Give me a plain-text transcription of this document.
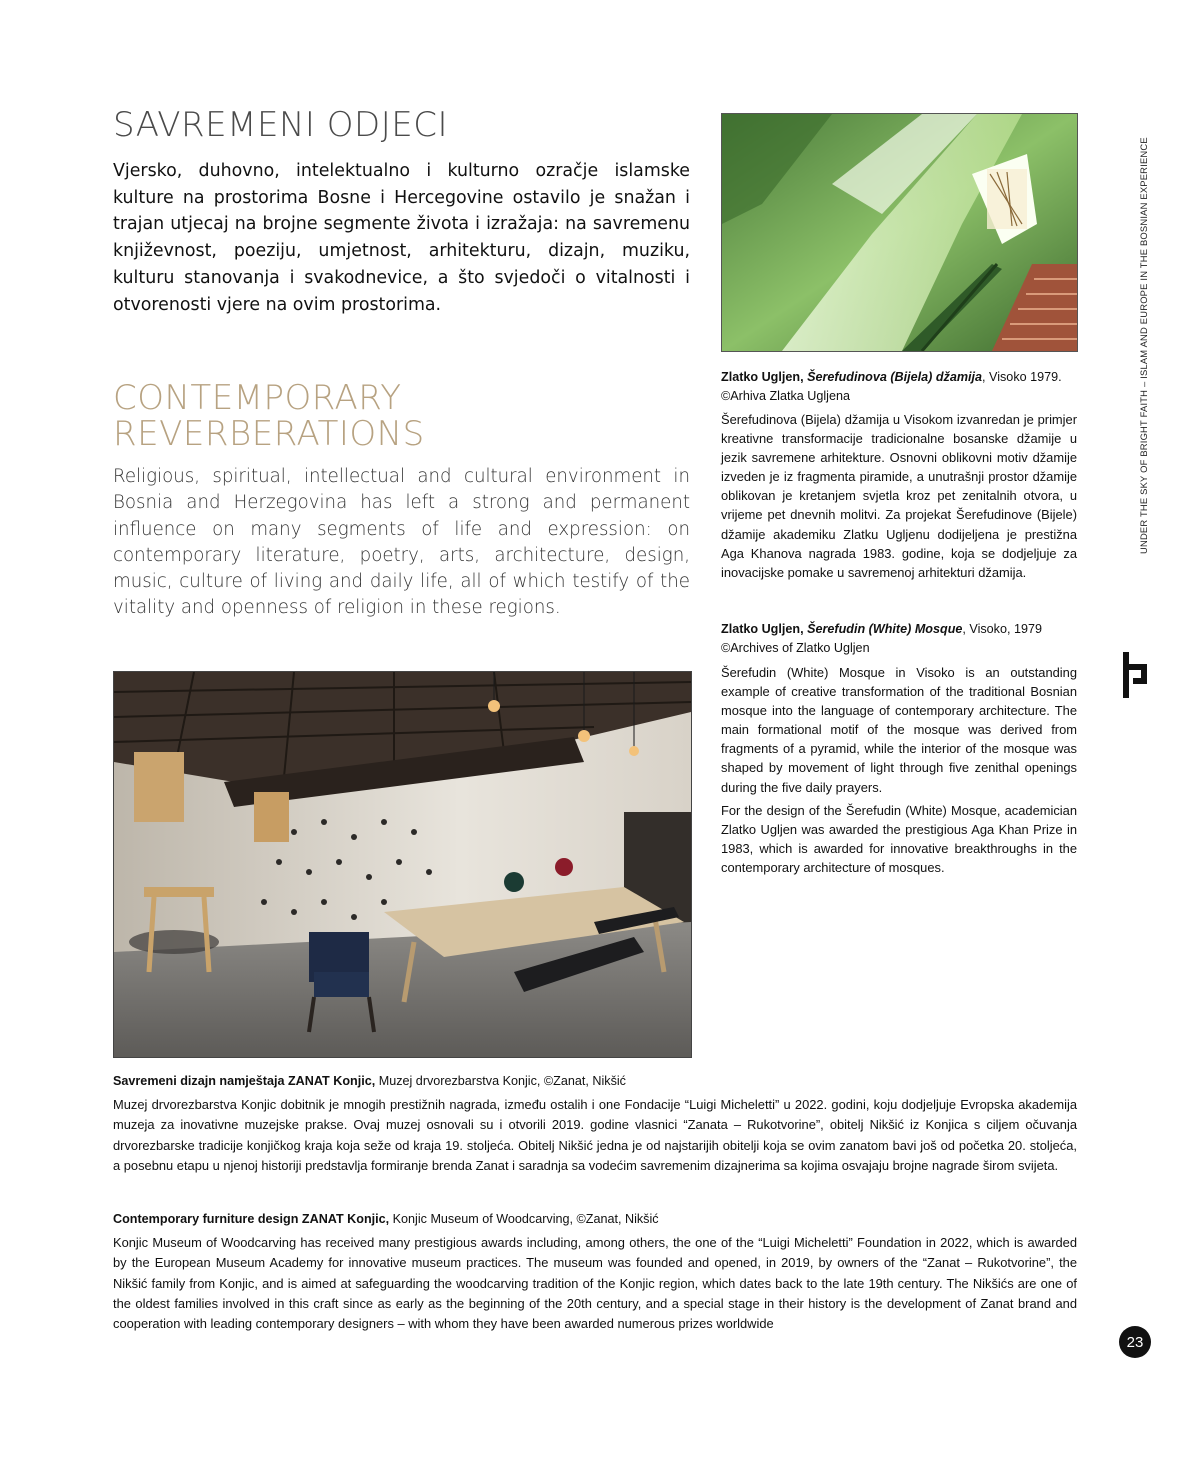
SAVREMENI ODJECI

Vjersko, duhovno, intelektualno i kulturno ozračje islamske kulture na prostorima Bosne i Hercegovine ostavilo je snažan i trajan utjecaj na brojne segmente života i izražaja: na savremenu književnost, poeziju, umjetnost, arhitekturu, dizajn, muziku, kulturu stanovanja i svakodnevice, a što svjedoči o vitalnosti i otvorenosti vjere na ovim prostorima.

CONTEMPORARY REVERBERATIONS

Religious, spiritual, intellectual and cultural environment in Bosnia and Herzegovina has left a strong and permanent influence on many segments of life and expression: on contemporary literature, poetry, arts, architecture, design, music, culture of living and daily life, all of which testify of the vitality and openness of religion in these regions.

Zlatko Ugljen, Šerefudinova (Bijela) džamija, Visoko 1979. ©Arhiva Zlatka Ugljena

Šerefudinova (Bijela) džamija u Visokom izvanredan je primjer kreativne transformacije tradicionalne bosanske džamije u jezik savremene arhitekture. Osnovni oblikovni motiv džamije izveden je iz fragmenta piramide, a unutrašnji prostor džamije oblikovan je kretanjem svjetla kroz pet zenitalnih otvora, u vrijeme pet dnevnih molitvi. Za projekat Šerefudinove (Bijele) džamije akademiku Zlatku Ugljenu dodijeljena je prestižna Aga Khanova nagrada 1983. godine, koja se dodjeljuje za inovacijske pomake u savremenoj arhitekturi džamija.

Zlatko Ugljen, Šerefudin (White) Mosque, Visoko, 1979 ©Archives of Zlatko Ugljen

Šerefudin (White) Mosque in Visoko is an outstanding example of creative transformation of the traditional Bosnian mosque into the language of contemporary architecture. The main formational motif of the mosque was derived from fragments of a pyramid, while the interior of the mosque was shaped by movement of light through five zenithal openings during the five daily prayers.

For the design of the Šerefudin (White) Mosque, academician Zlatko Ugljen was awarded the prestigious Aga Khan Prize in 1983, which is awarded for innovative breakthroughs in the contemporary architecture of mosques.

Savremeni dizajn namještaja ZANAT Konjic, Muzej drvorezbarstva Konjic, ©Zanat, Nikšić

Muzej drvorezbarstva Konjic dobitnik je mnogih prestižnih nagrada, između ostalih i one Fondacije “Luigi Micheletti” u 2022. godini, koju dodjeljuje Evropska akademija muzeja za inovativne muzejske prakse. Ovaj muzej osnovali su i otvorili 2019. godine vlasnici “Zanata – Rukotvorine”, obitelj Nikšić iz Konjica s ciljem očuvanja drvorezbarske tradicije konjičkog kraja koja seže od kraja 19. stoljeća. Obitelj Nikšić jedna je od najstarijih obitelji koja se ovim zanatom bavi još od početka 20. stoljeća, a posebnu etapu u njenoj historiji predstavlja formiranje brenda Zanat i saradnja sa vodećim savremenim dizajnerima sa kojima osvajaju brojne nagrade širom svijeta.

Contemporary furniture design ZANAT Konjic, Konjic Museum of Woodcarving, ©Zanat, Nikšić

Konjic Museum of Woodcarving has received many prestigious awards including, among others, the one of the “Luigi Micheletti” Foundation in 2022, which is awarded by the European Museum Academy for innovative museum practices. The museum was founded and opened, in 2019, by owners of the “Zanat – Rukotvorine”, the Nikšić family from Konjic, and is aimed at safeguarding the woodcarving tradition of the Konjic region, which dates back to the late 19th century. The Nikšićs are one of the oldest families involved in this craft since as early as the beginning of the 20th century, and a special stage in their history is the development of Zanat brand and cooperation with leading contemporary designers – with whom they have been awarded numerous prizes worldwide

UNDER THE SKY OF BRIGHT FAITH – ISLAM AND EUROPE IN THE BOSNIAN EXPERIENCE
23
